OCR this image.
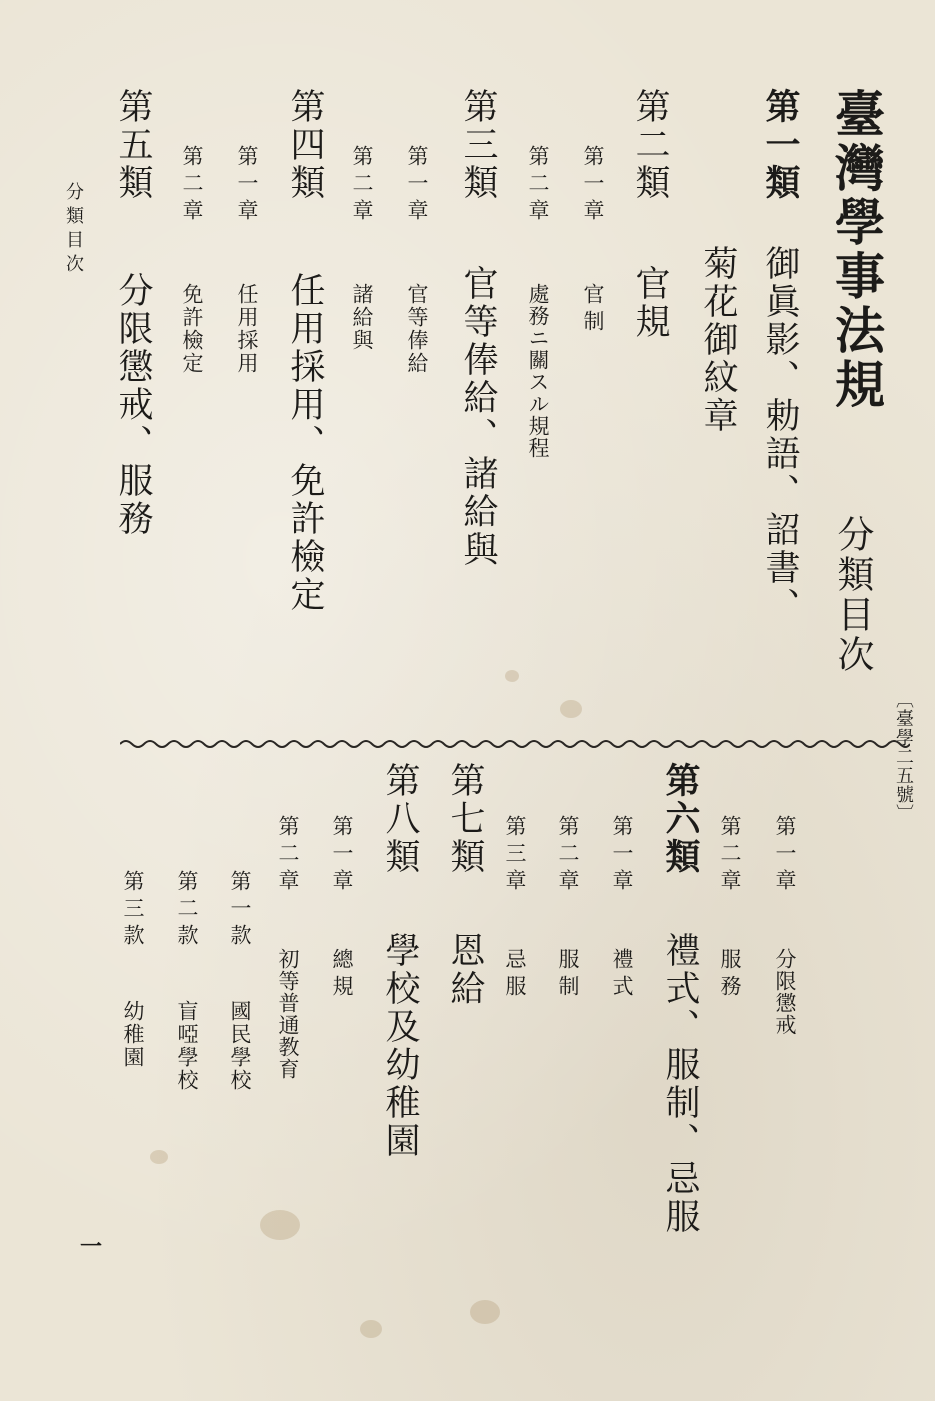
臺灣學事法規
分類目次
〔臺學二五號〕
第一類
御眞影、勅語、詔書、
菊花御紋章
第二類
官規
第一章
官制
第二章
處務ニ關スル規程
第三類
官等俸給、諸給與
第一章
官等俸給
第二章
諸給與
第四類
任用採用、免許檢定
第一章
任用採用
第二章
免許檢定
第五類
分限懲戒、服務
分類目次
第一章
分限懲戒
第二章
服務
第六類
禮式、服制、忌服
第一章
禮式
第二章
服制
第三章
忌服
第七類
恩給
第八類
學校及幼稚園
第一章
總規
第二章
初等普通教育
第一款
國民學校
第二款
盲啞學校
第三款
幼稚園
一
